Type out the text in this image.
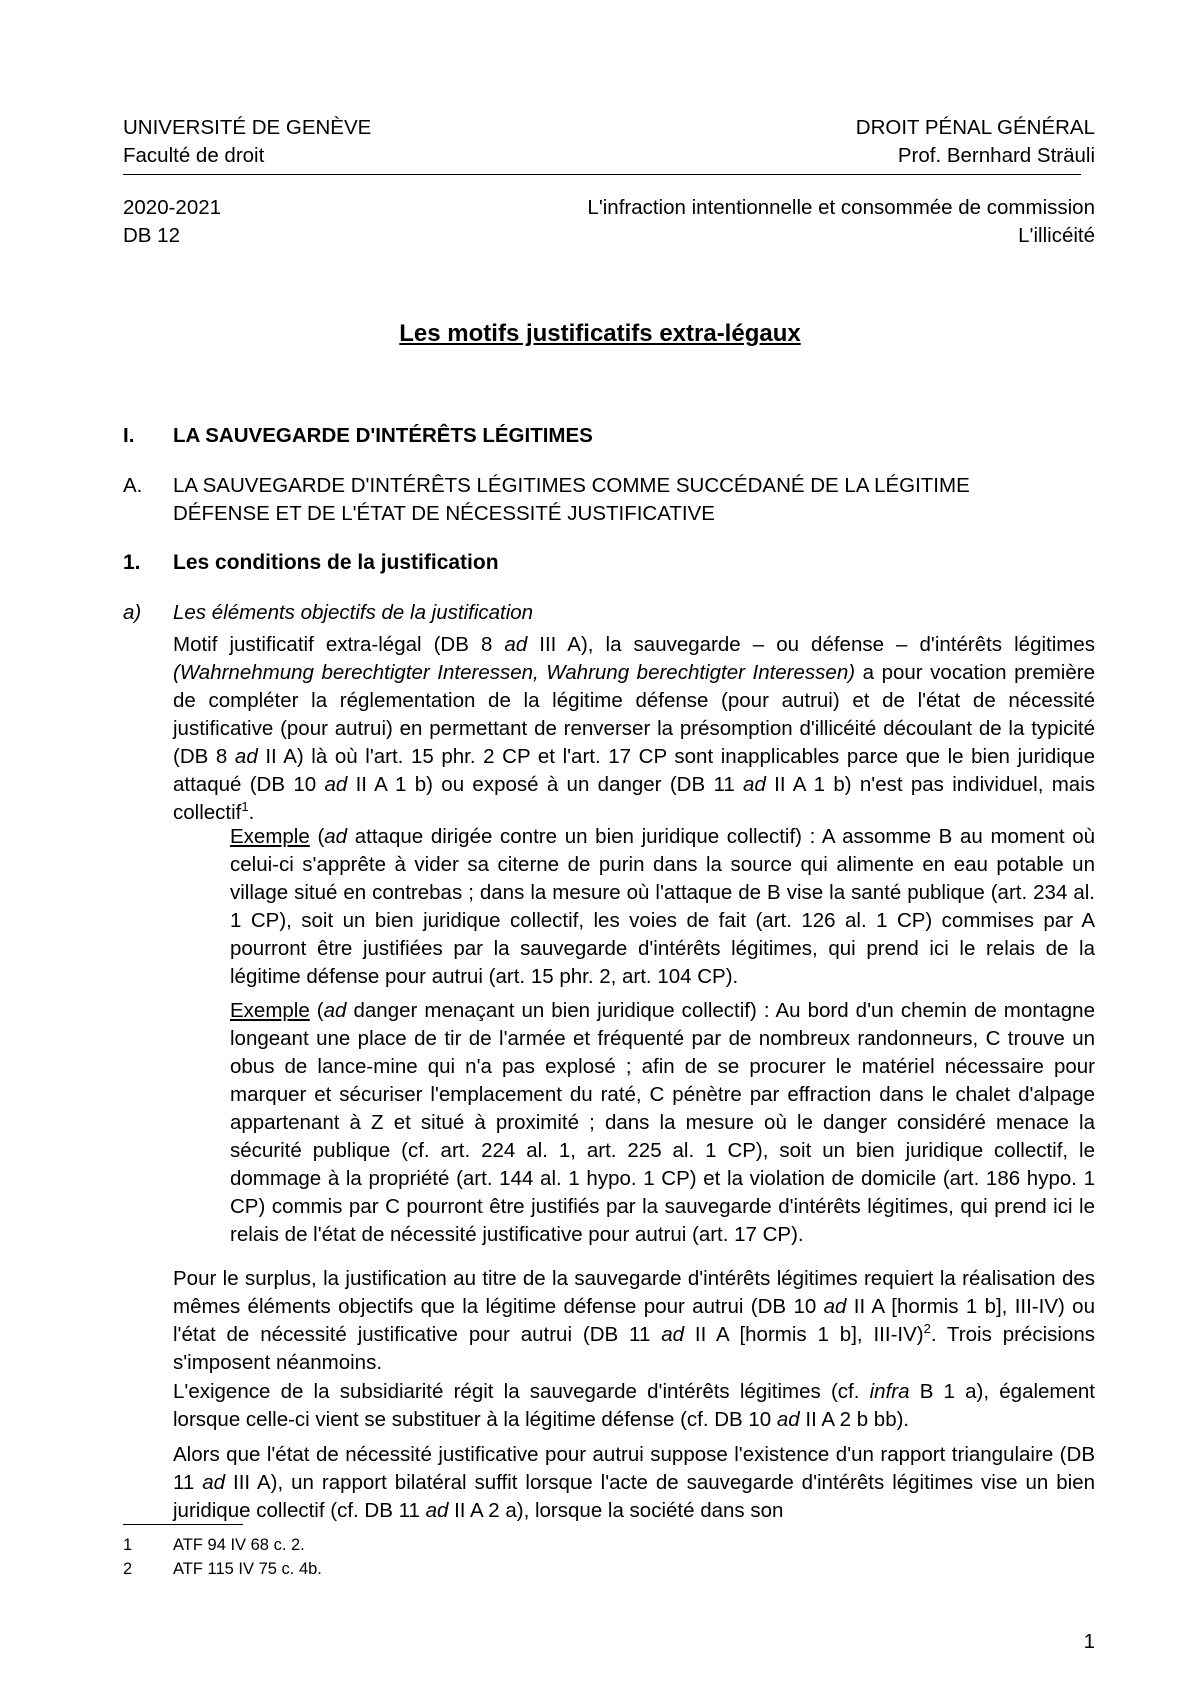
UNIVERSITÉ DE GENÈVE	DROIT PÉNAL GÉNÉRAL
Faculté de droit	Prof. Bernhard Sträuli
2020-2021	L'infraction intentionnelle et consommée de commission
DB 12	L'illicéité
Les motifs justificatifs extra-légaux
I.	LA SAUVEGARDE D'INTÉRÊTS LÉGITIMES
A.	LA SAUVEGARDE D'INTÉRÊTS LÉGITIMES COMME SUCCÉDANÉ DE LA LÉGITIME
DÉFENSE ET DE L'ÉTAT DE NÉCESSITÉ JUSTIFICATIVE
1.	Les conditions de la justification
a)	Les éléments objectifs de la justification
Motif justificatif extra-légal (DB 8 ad III A), la sauvegarde – ou défense – d'intérêts légitimes (Wahrnehmung berechtigter Interessen, Wahrung berechtigter Interessen) a pour vocation première de compléter la réglementation de la légitime défense (pour autrui) et de l'état de nécessité justificative (pour autrui) en permettant de renverser la présomption d'illicéité découlant de la typicité (DB 8 ad II A) là où l'art. 15 phr. 2 CP et l'art. 17 CP sont inapplicables parce que le bien juridique attaqué (DB 10 ad II A 1 b) ou exposé à un danger (DB 11 ad II A 1 b) n'est pas individuel, mais collectif$^1$.
Exemple (ad attaque dirigée contre un bien juridique collectif) : A assomme B au moment où celui-ci s'apprête à vider sa citerne de purin dans la source qui alimente en eau potable un village situé en contrebas ; dans la mesure où l'attaque de B vise la santé publique (art. 234 al. 1 CP), soit un bien juridique collectif, les voies de fait (art. 126 al. 1 CP) commises par A pourront être justifiées par la sauvegarde d'intérêts légitimes, qui prend ici le relais de la légitime défense pour autrui (art. 15 phr. 2, art. 104 CP).
Exemple (ad danger menaçant un bien juridique collectif) : Au bord d'un chemin de montagne longeant une place de tir de l'armée et fréquenté par de nombreux randonneurs, C trouve un obus de lance-mine qui n'a pas explosé ; afin de se procurer le matériel nécessaire pour marquer et sécuriser l'emplacement du raté, C pénètre par effraction dans le chalet d'alpage appartenant à Z et situé à proximité ; dans la mesure où le danger considéré menace la sécurité publique (cf. art. 224 al. 1, art. 225 al. 1 CP), soit un bien juridique collectif, le dommage à la propriété (art. 144 al. 1 hypo. 1 CP) et la violation de domicile (art. 186 hypo. 1 CP) commis par C pourront être justifiés par la sauvegarde d'intérêts légitimes, qui prend ici le relais de l'état de nécessité justificative pour autrui (art. 17 CP).
Pour le surplus, la justification au titre de la sauvegarde d'intérêts légitimes requiert la réalisation des mêmes éléments objectifs que la légitime défense pour autrui (DB 10 ad II A [hormis 1 b], III-IV) ou l'état de nécessité justificative pour autrui (DB 11 ad II A [hormis 1 b], III-IV)$^2$. Trois précisions s'imposent néanmoins.
L'exigence de la subsidiarité régit la sauvegarde d'intérêts légitimes (cf. infra B 1 a), également lorsque celle-ci vient se substituer à la légitime défense (cf. DB 10 ad II A 2 b bb).
Alors que l'état de nécessité justificative pour autrui suppose l'existence d'un rapport triangulaire (DB 11 ad III A), un rapport bilatéral suffit lorsque l'acte de sauvegarde d'intérêts légitimes vise un bien juridique collectif (cf. DB 11 ad II A 2 a), lorsque la société dans son
1	ATF 94 IV 68 c. 2.
2	ATF 115 IV 75 c. 4b.
1
